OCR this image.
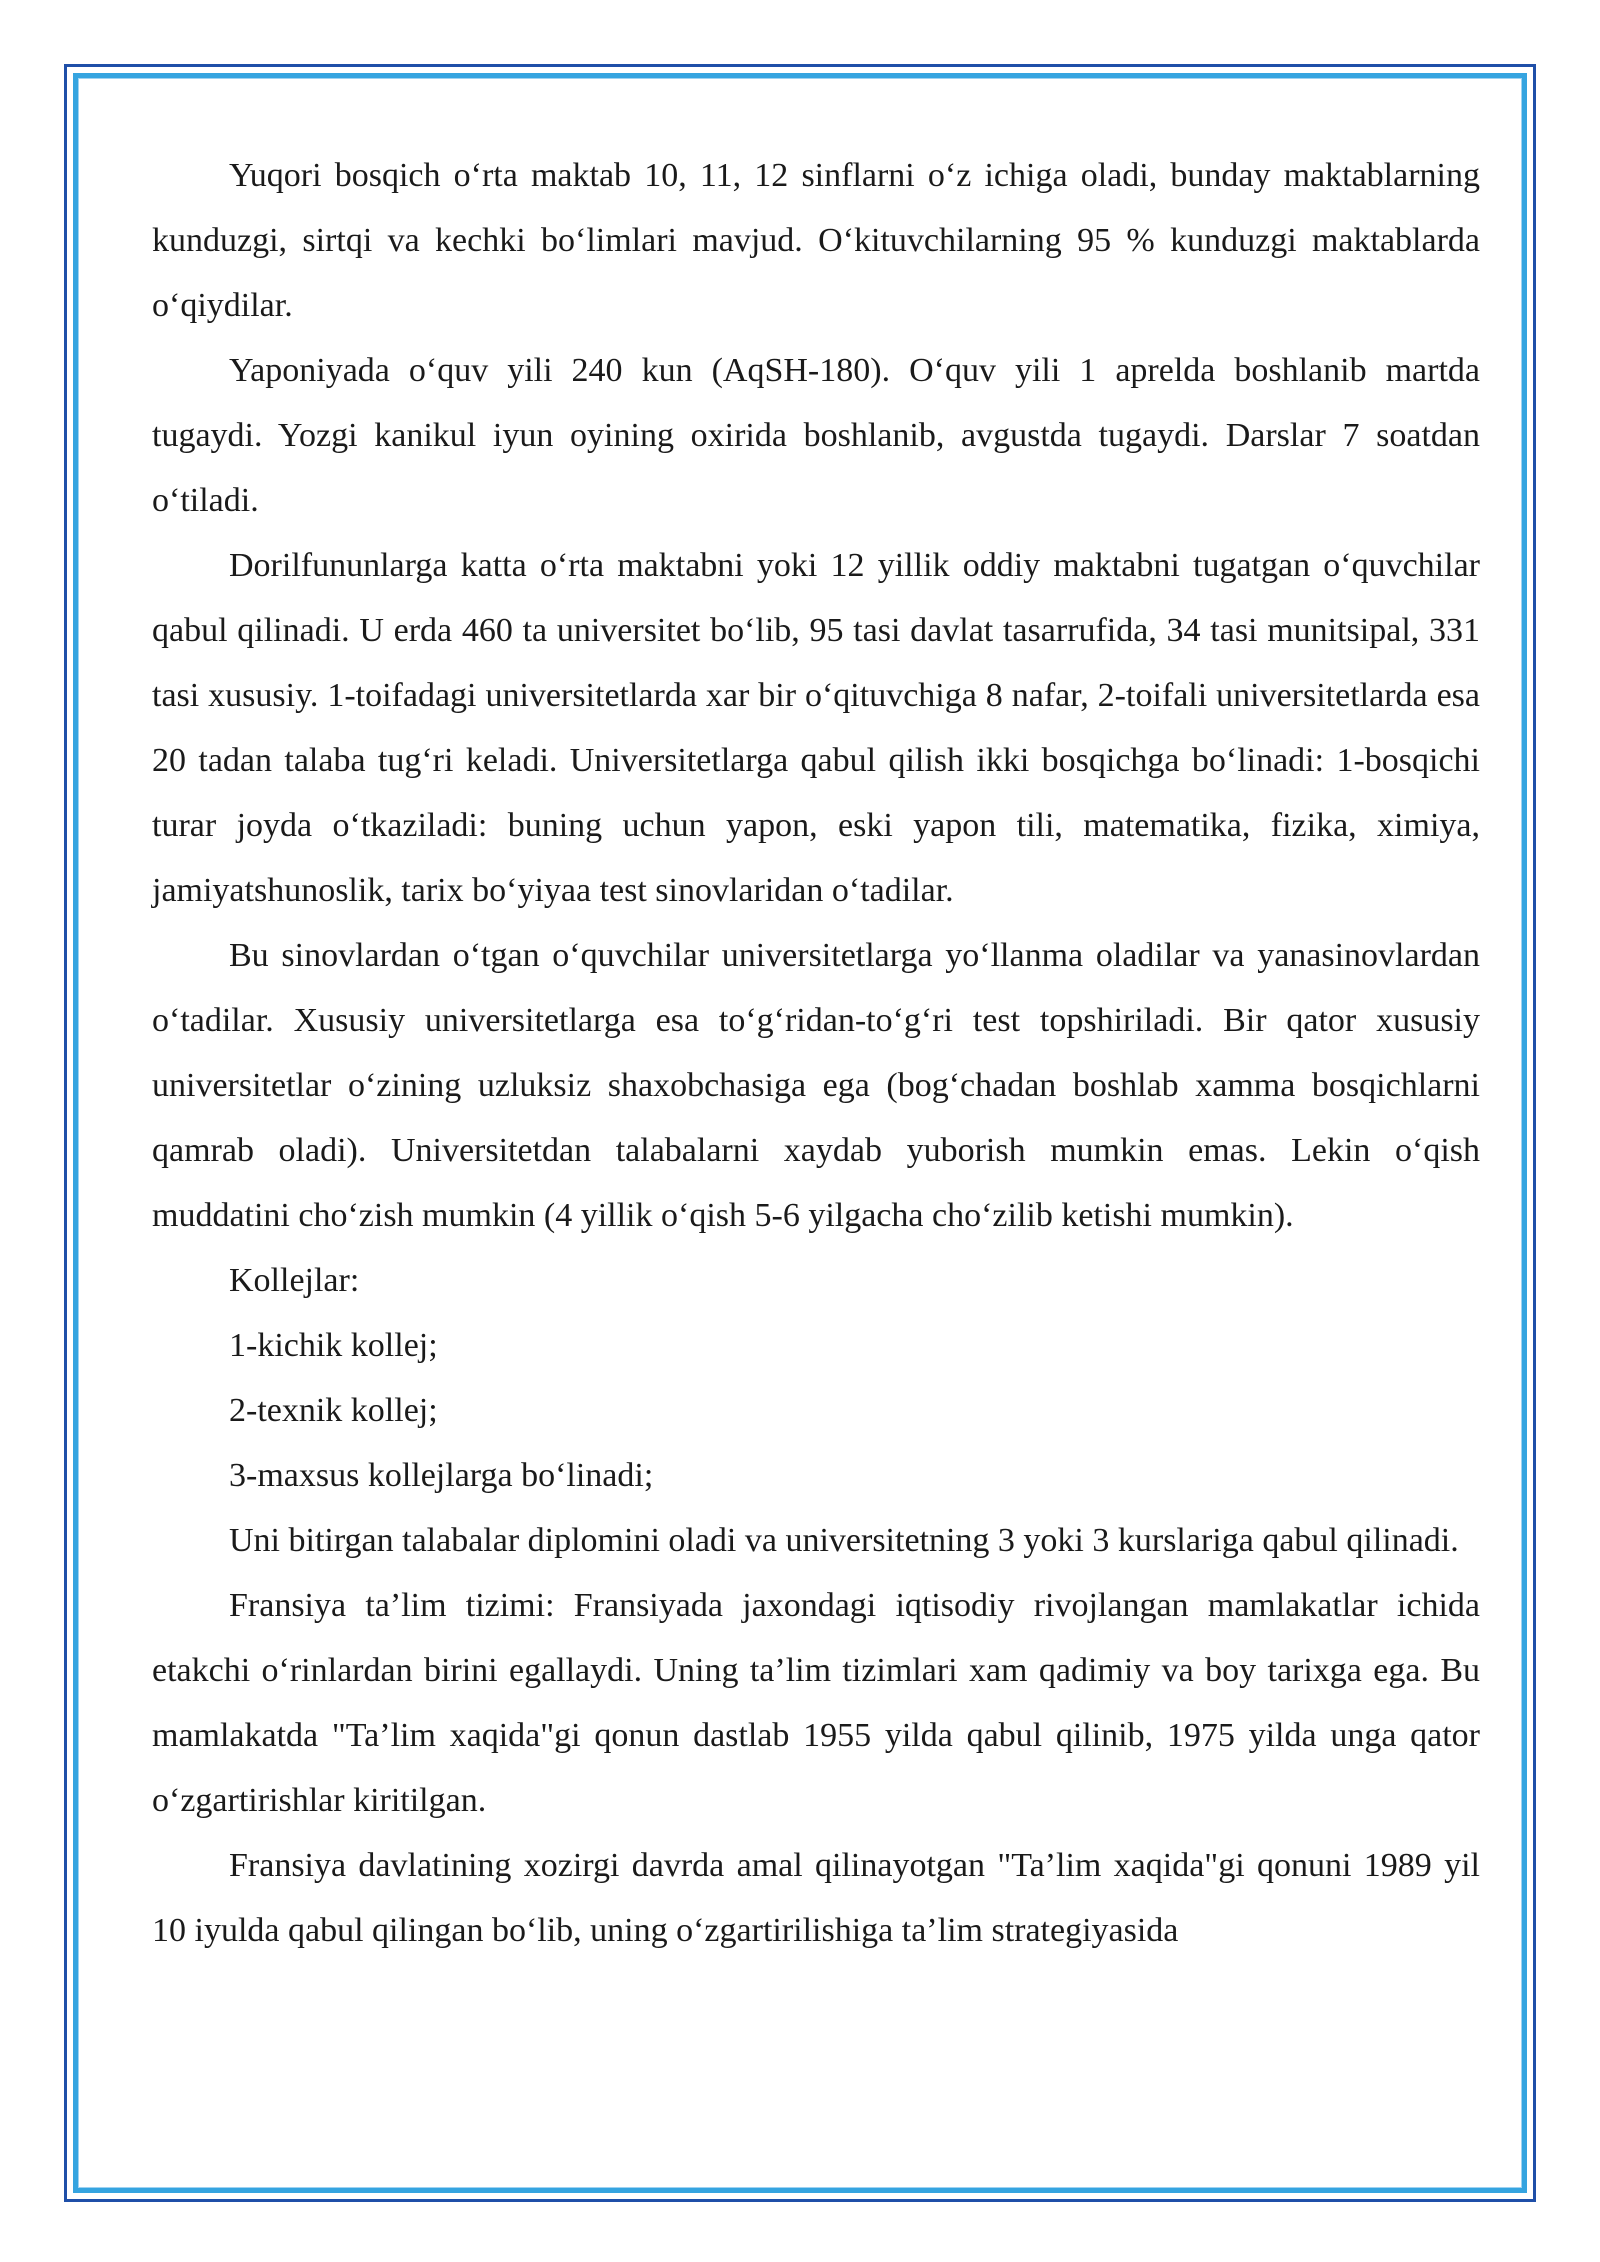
Yuqori bosqich o‘rta maktab 10, 11, 12 sinflarni o‘z ichiga oladi, bunday maktablarning kunduzgi, sirtqi va kechki bo‘limlari mavjud. O‘kituvchilarning 95 % kunduzgi maktablarda o‘qiydilar.

Yaponiyada o‘quv yili 240 kun (AqSH-180). O‘quv yili 1 aprelda boshlanib martda tugaydi. Yozgi kanikul iyun oyining oxirida boshlanib, avgustda tugaydi. Darslar 7 soatdan o‘tiladi.

Dorilfununlarga katta o‘rta maktabni yoki 12 yillik oddiy maktabni tugatgan o‘quvchilar qabul qilinadi. U erda 460 ta universitet bo‘lib, 95 tasi davlat tasarrufida, 34 tasi munitsipal, 331 tasi xususiy. 1-toifadagi universitetlarda xar bir o‘qituvchiga 8 nafar, 2-toifali universitetlarda esa 20 tadan talaba tug‘ri keladi. Universitetlarga qabul qilish ikki bosqichga bo‘linadi: 1-bosqichi turar joyda o‘tkaziladi: buning uchun yapon, eski yapon tili, matematika, fizika, ximiya, jamiyatshunoslik, tarix bo‘yiyaa test sinovlaridan o‘tadilar.

Bu sinovlardan o‘tgan o‘quvchilar universitetlarga yo‘llanma oladilar va yanasinovlardan o‘tadilar. Xususiy universitetlarga esa to‘g‘ridan-to‘g‘ri test topshiriladi. Bir qator xususiy universitetlar o‘zining uzluksiz shaxobchasiga ega (bog‘chadan boshlab xamma bosqichlarni qamrab oladi). Universitetdan talabalarni xaydab yuborish mumkin emas. Lekin o‘qish muddatini cho‘zish mumkin (4 yillik o‘qish 5-6 yilgacha cho‘zilib ketishi mumkin).

Kollejlar:

1-kichik kollej;

2-texnik kollej;

3-maxsus kollejlarga bo‘linadi;

Uni bitirgan talabalar diplomini oladi va universitetning 3 yoki 3 kurslariga qabul qilinadi.

Fransiya ta’lim tizimi: Fransiyada jaxondagi iqtisodiy rivojlangan mamlakatlar ichida etakchi o‘rinlardan birini egallaydi. Uning ta’lim tizimlari xam qadimiy va boy tarixga ega. Bu mamlakatda "Ta’lim xaqida"gi qonun dastlab 1955 yilda qabul qilinib, 1975 yilda unga qator o‘zgartirishlar kiritilgan.

Fransiya davlatining xozirgi davrda amal qilinayotgan "Ta’lim xaqida"gi qonuni 1989 yil 10 iyulda qabul qilingan bo‘lib, uning o‘zgartirilishiga ta’lim strategiyasida
